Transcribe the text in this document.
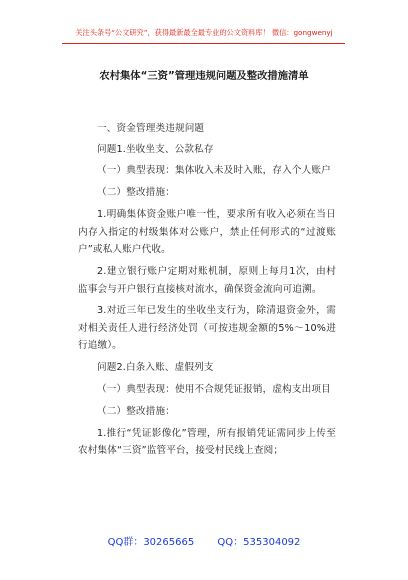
关注头条号“公文研究”，获得最新最全最专业的公文资料库！ 微信：gongwenyj
农村集体“三资”管理违规问题及整改措施清单

一、资金管理类违规问题

问题1.坐收坐支、公款私存

（一）典型表现：集体收入未及时入账，存入个人账户

（二）整改措施：

1.明确集体资金账户唯一性，要求所有收入必须在当日内存入指定的村级集体对公账户，禁止任何形式的“过渡账户”或私人账户代收。

2.建立银行账户定期对账机制，原则上每月1次，由村监事会与开户银行直接核对流水，确保资金流向可追溯。

3.对近三年已发生的坐收坐支行为，除清退资金外，需对相关责任人进行经济处罚（可按违规金额的5%～10%进行追缴）。

问题2.白条入账、虚假列支

（一）典型表现：使用不合规凭证报销，虚构支出项目

（二）整改措施：

1.推行“凭证影像化”管理，所有报销凭证需同步上传至农村集体“三资”监管平台，接受村民线上查阅；

QQ群：30265665 QQ：535304092
